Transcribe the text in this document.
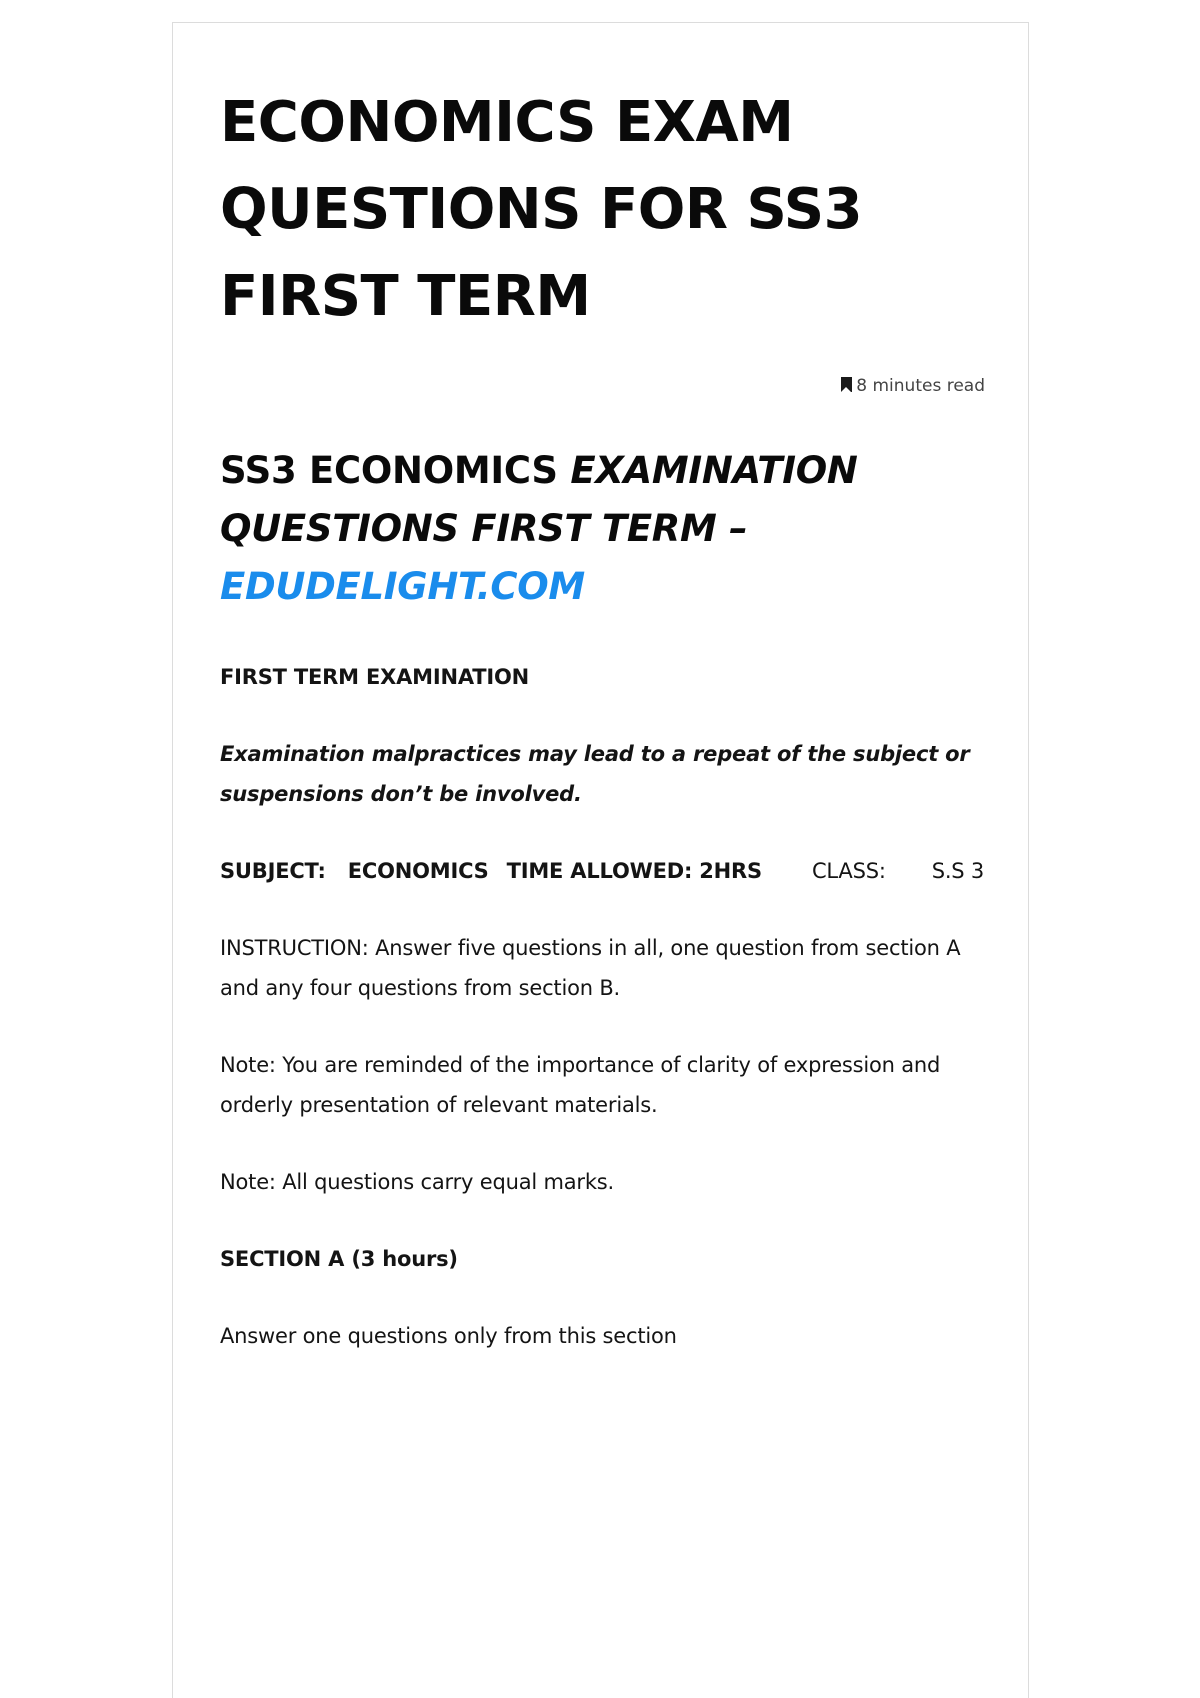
ECONOMICS EXAM QUESTIONS FOR SS3 FIRST TERM
8 minutes read
SS3 ECONOMICS EXAMINATION QUESTIONS FIRST TERM –
EDUDELIGHT.COM

FIRST TERM EXAMINATION

Examination malpractices may lead to a repeat of the subject or suspensions don’t be involved.

SUBJECT: ECONOMICS TIME ALLOWED: 2HRS CLASS: S.S 3

INSTRUCTION: Answer five questions in all, one question from section A and any four questions from section B.

Note: You are reminded of the importance of clarity of expression and orderly presentation of relevant materials.

Note: All questions carry equal marks.

SECTION A (3 hours)

Answer one questions only from this section
